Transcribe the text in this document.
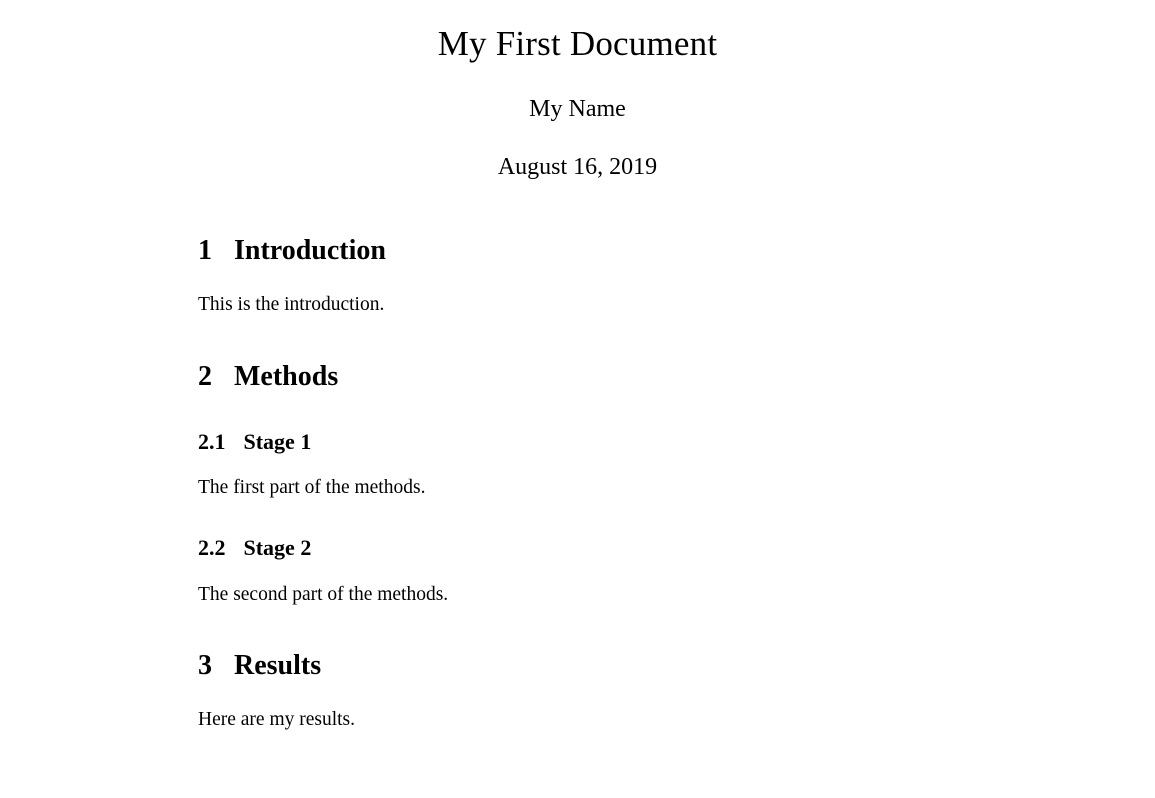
My First Document
My Name
August 16, 2019
1 Introduction

This is the introduction.

2 Methods
2.1 Stage 1

The first part of the methods.

2.2 Stage 2

The second part of the methods.

3 Results

Here are my results.
